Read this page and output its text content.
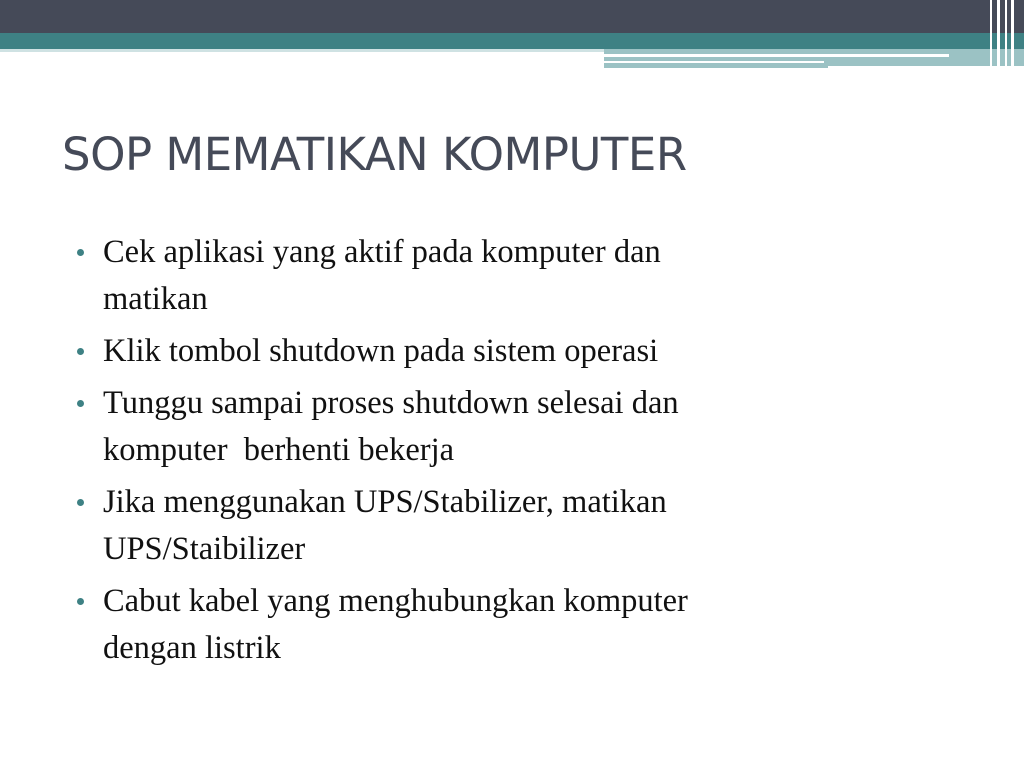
SOP MEMATIKAN KOMPUTER
Cek aplikasi yang aktif pada komputer dan
matikan
Klik tombol shutdown pada sistem operasi
Tunggu sampai proses shutdown selesai dan
komputer  berhenti bekerja
Jika menggunakan UPS/Stabilizer, matikan
UPS/Staibilizer
Cabut kabel yang menghubungkan komputer
dengan listrik
